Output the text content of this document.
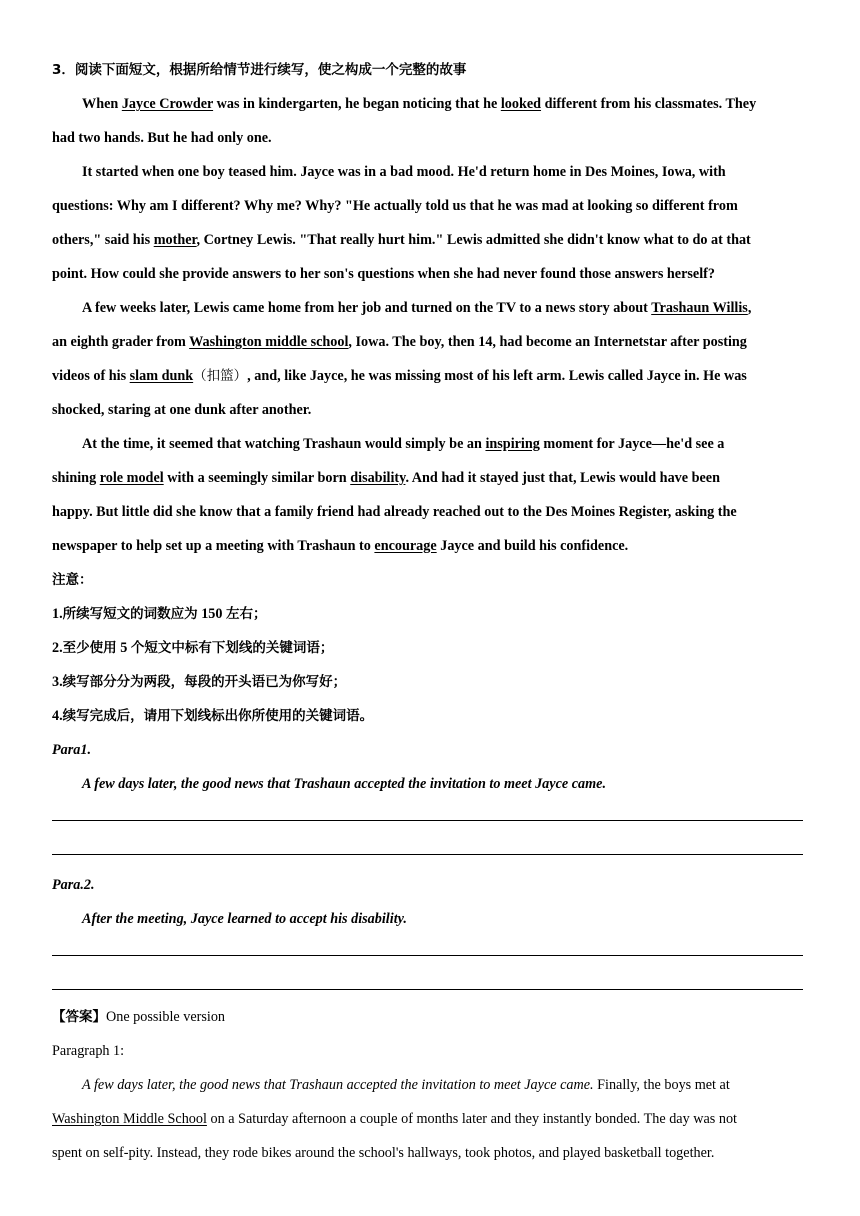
3．阅读下面短文，根据所给情节进行续写，使之构成一个完整的故事
When Jayce Crowder was in kindergarten, he began noticing that he looked different from his classmates. They
had two hands. But he had only one.
It started when one boy teased him. Jayce was in a bad mood. He'd return home in Des Moines, Iowa, with
questions: Why am I different? Why me? Why? "He actually told us that he was mad at looking so different from
others," said his mother, Cortney Lewis. "That really hurt him." Lewis admitted she didn't know what to do at that
point. How could she provide answers to her son's questions when she had never found those answers herself?
A few weeks later, Lewis came home from her job and turned on the TV to a news story about Trashaun Willis,
an eighth grader from Washington middle school, Iowa. The boy, then 14, had become an Internetstar after posting
videos of his slam dunk（扣篮）, and, like Jayce, he was missing most of his left arm. Lewis called Jayce in. He was
shocked, staring at one dunk after another.
At the time, it seemed that watching Trashaun would simply be an inspiring moment for Jayce—he'd see a
shining role model with a seemingly similar born disability. And had it stayed just that, Lewis would have been
happy. But little did she know that a family friend had already reached out to the Des Moines Register, asking the
newspaper to help set up a meeting with Trashaun to encourage Jayce and build his confidence.
注意：
1.所续写短文的词数应为 150 左右；
2.至少使用 5 个短文中标有下划线的关键词语；
3.续写部分分为两段，每段的开头语已为你写好；
4.续写完成后，请用下划线标出你所使用的关键词语。
Para1.
A few days later, the good news that Trashaun accepted the invitation to meet Jayce came.
Para.2.
After the meeting, Jayce learned to accept his disability.
【答案】One possible version
Paragraph 1:
A few days later, the good news that Trashaun accepted the invitation to meet Jayce came. Finally, the boys met at
Washington Middle School on a Saturday afternoon a couple of months later and they instantly bonded. The day was not
spent on self-pity. Instead, they rode bikes around the school's hallways, took photos, and played basketball together.
